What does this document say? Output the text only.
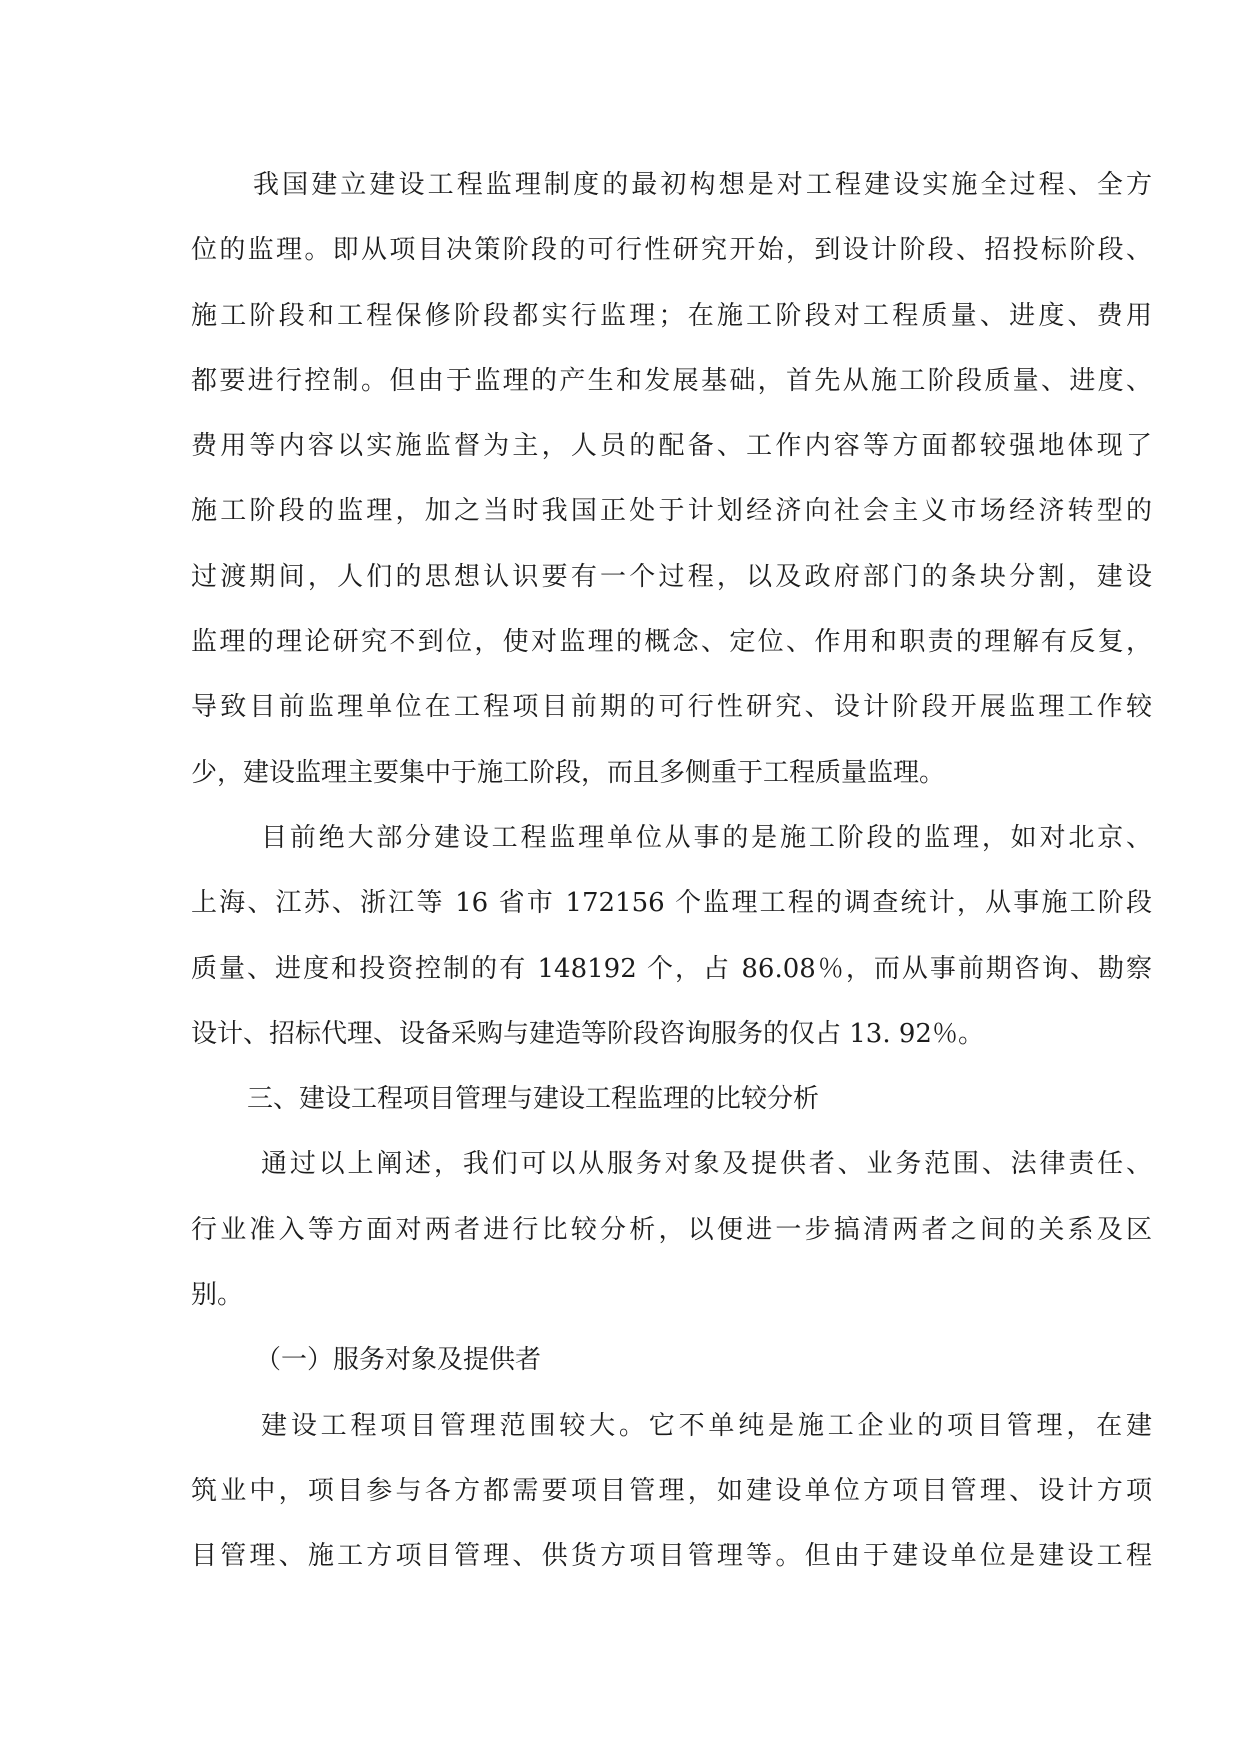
我国建立建设工程监理制度的最初构想是对工程建设实施全过程、全方
位的监理。即从项目决策阶段的可行性研究开始，到设计阶段、招投标阶段、
施工阶段和工程保修阶段都实行监理；在施工阶段对工程质量、进度、费用
都要进行控制。但由于监理的产生和发展基础，首先从施工阶段质量、进度、
费用等内容以实施监督为主，人员的配备、工作内容等方面都较强地体现了
施工阶段的监理，加之当时我国正处于计划经济向社会主义市场经济转型的
过渡期间，人们的思想认识要有一个过程，以及政府部门的条块分割，建设
监理的理论研究不到位，使对监理的概念、定位、作用和职责的理解有反复，
导致目前监理单位在工程项目前期的可行性研究、设计阶段开展监理工作较
少，建设监理主要集中于施工阶段，而且多侧重于工程质量监理。
目前绝大部分建设工程监理单位从事的是施工阶段的监理，如对北京、
上海、江苏、浙江等 16 省市 172156 个监理工程的调查统计，从事施工阶段
质量、进度和投资控制的有 148192 个，占 86.08％，而从事前期咨询、勘察
设计、招标代理、设备采购与建造等阶段咨询服务的仅占 13. 92％。
三、建设工程项目管理与建设工程监理的比较分析
通过以上阐述，我们可以从服务对象及提供者、业务范围、法律责任、
行业准入等方面对两者进行比较分析，以便进一步搞清两者之间的关系及区
别。
（一）服务对象及提供者
建设工程项目管理范围较大。它不单纯是施工企业的项目管理，在建
筑业中，项目参与各方都需要项目管理，如建设单位方项目管理、设计方项
目管理、施工方项目管理、供货方项目管理等。但由于建设单位是建设工程
